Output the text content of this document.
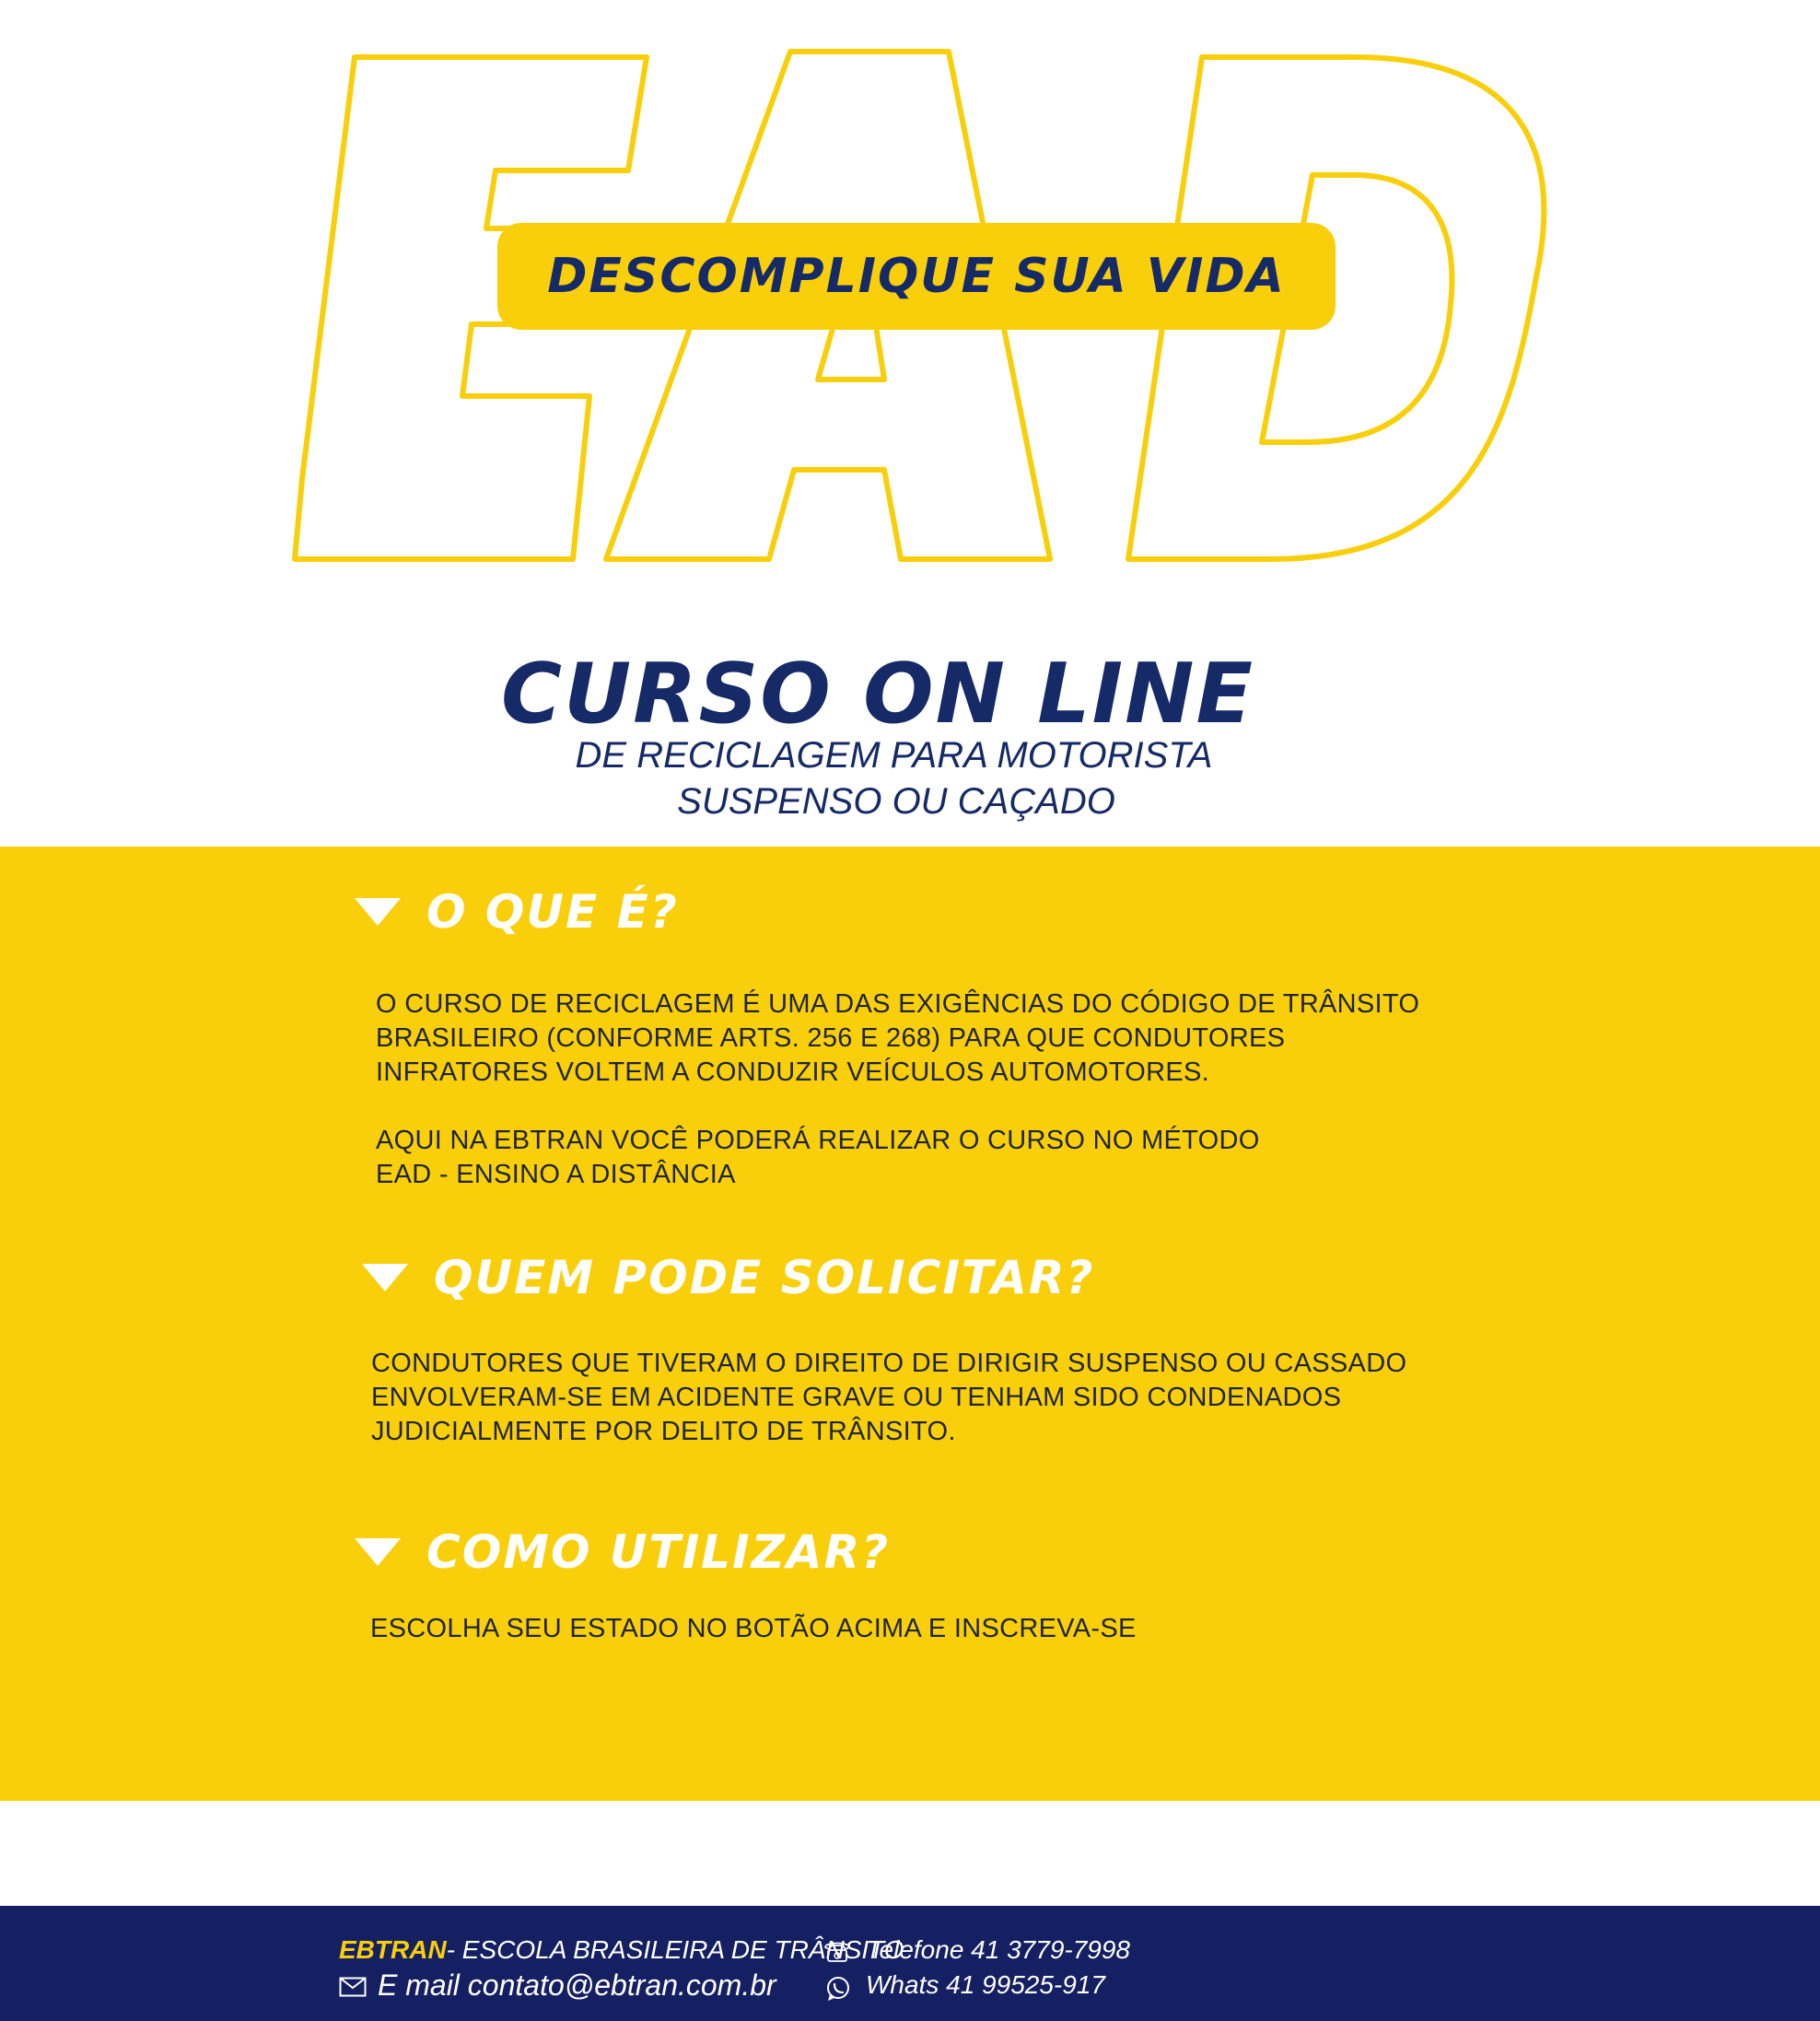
DESCOMPLIQUE SUA VIDA
CURSO ON LINE
DE RECICLAGEM PARA MOTORISTA
SUSPENSO OU CAÇADO
O QUE É?
O CURSO DE RECICLAGEM É UMA DAS EXIGÊNCIAS DO CÓDIGO DE TRÂNSITO
BRASILEIRO (CONFORME ARTS. 256 E 268) PARA QUE CONDUTORES
INFRATORES VOLTEM A CONDUZIR VEÍCULOS AUTOMOTORES.
AQUI NA EBTRAN VOCÊ PODERÁ REALIZAR O CURSO NO MÉTODO
EAD - ENSINO A DISTÂNCIA
QUEM PODE SOLICITAR?
CONDUTORES QUE TIVERAM O DIREITO DE DIRIGIR SUSPENSO OU CASSADO
ENVOLVERAM-SE EM ACIDENTE GRAVE OU TENHAM SIDO CONDENADOS
JUDICIALMENTE POR DELITO DE TRÂNSITO.
COMO UTILIZAR?
ESCOLHA SEU ESTADO NO BOTÃO ACIMA E INSCREVA-SE
EBTRAN- ESCOLA BRASILEIRA DE TRÂNSITO
E mail contato@ebtran.com.br
Telefone 41 3779-7998
Whats 41 99525-917
